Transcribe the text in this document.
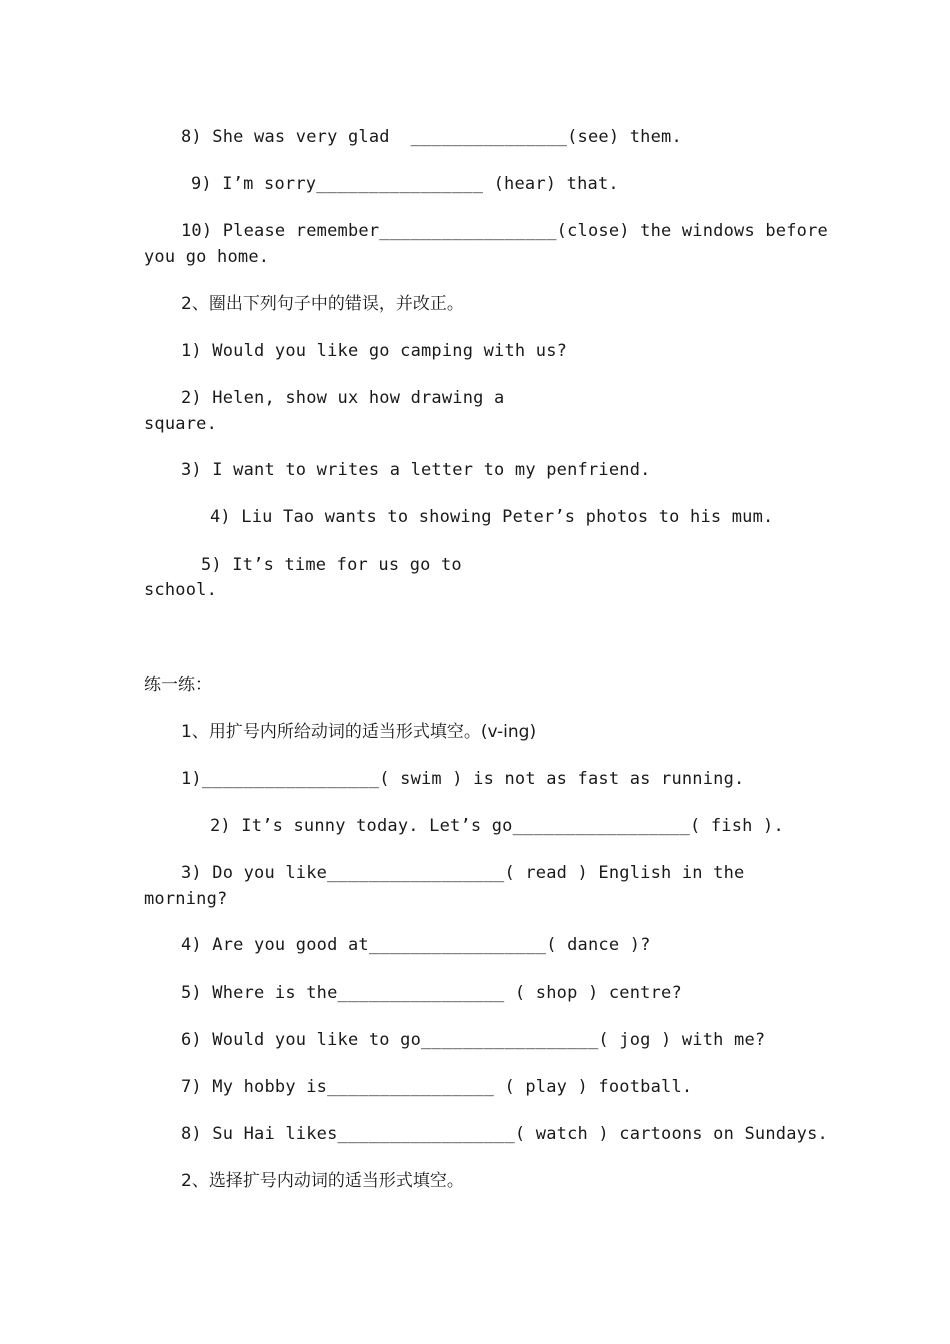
8) She was very glad  _______________(see) them.
9) I’m sorry________________ (hear) that.
10) Please remember_________________(close) the windows before
you go home.
2、圈出下列句子中的错误，并改正。
1) Would you like go camping with us?
2) Helen, show ux how drawing a
square.
3) I want to writes a letter to my penfriend.
4) Liu Tao wants to showing Peter’s photos to his mum.
5) It’s time for us go to
school.
练一练：
1、用扩号内所给动词的适当形式填空。(v-ing)
1)_________________( swim ) is not as fast as running.
2) It’s sunny today. Let’s go_________________( fish ).
3) Do you like_________________( read ) English in the
morning?
4) Are you good at_________________( dance )?
5) Where is the________________ ( shop ) centre?
6) Would you like to go_________________( jog ) with me?
7) My hobby is________________ ( play ) football.
8) Su Hai likes_________________( watch ) cartoons on Sundays.
2、选择扩号内动词的适当形式填空。
